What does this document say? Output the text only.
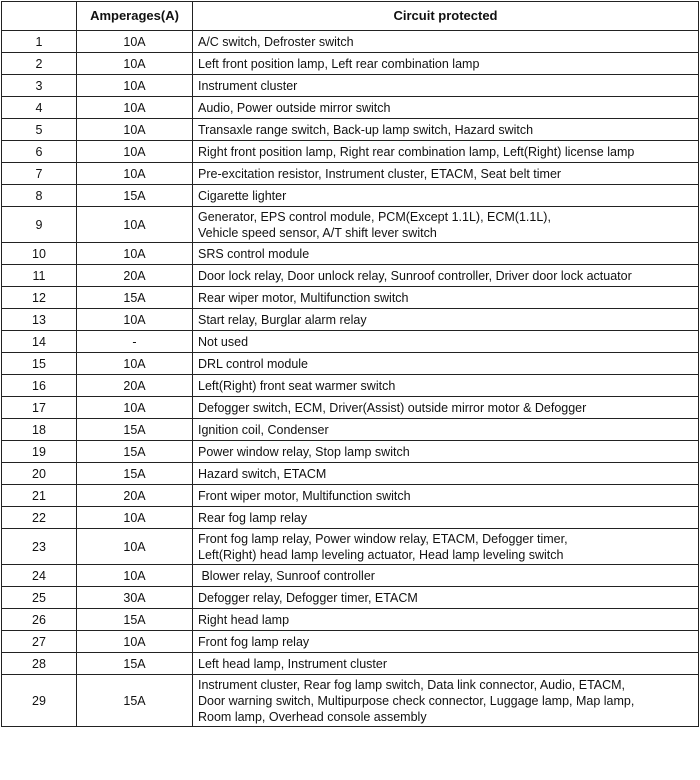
	Amperages(A)	Circuit protected
1	10A	A/C switch, Defroster switch

2	10A	Left front position lamp, Left rear combination lamp

3	10A	Instrument cluster

4	10A	Audio, Power outside mirror switch

5	10A	Transaxle range switch, Back-up lamp switch, Hazard switch

6	10A	Right front position lamp, Right rear combination lamp, Left(Right) license lamp

7	10A	Pre-excitation resistor, Instrument cluster, ETACM, Seat belt timer

8	15A	Cigarette lighter

9	10A	Generator, EPS control module, PCM(Except 1.1L), ECM(1.1L),
Vehicle speed sensor, A/T shift lever switch

10	10A	SRS control module

11	20A	Door lock relay, Door unlock relay, Sunroof controller, Driver door lock actuator

12	15A	Rear wiper motor, Multifunction switch

13	10A	Start relay, Burglar alarm relay

14	-	Not used

15	10A	DRL control module

16	20A	Left(Right) front seat warmer switch

17	10A	Defogger switch, ECM, Driver(Assist) outside mirror motor & Defogger

18	15A	Ignition coil, Condenser

19	15A	Power window relay, Stop lamp switch

20	15A	Hazard switch, ETACM

21	20A	Front wiper motor, Multifunction switch

22	10A	Rear fog lamp relay

23	10A	Front fog lamp relay, Power window relay, ETACM, Defogger timer,
Left(Right) head lamp leveling actuator, Head lamp leveling switch

24	10A	Blower relay, Sunroof controller

25	30A	Defogger relay, Defogger timer, ETACM

26	15A	Right head lamp

27	10A	Front fog lamp relay

28	15A	Left head lamp, Instrument cluster

29	15A	Instrument cluster, Rear fog lamp switch, Data link connector, Audio, ETACM,
Door warning switch, Multipurpose check connector, Luggage lamp, Map lamp,
Room lamp, Overhead console assembly
